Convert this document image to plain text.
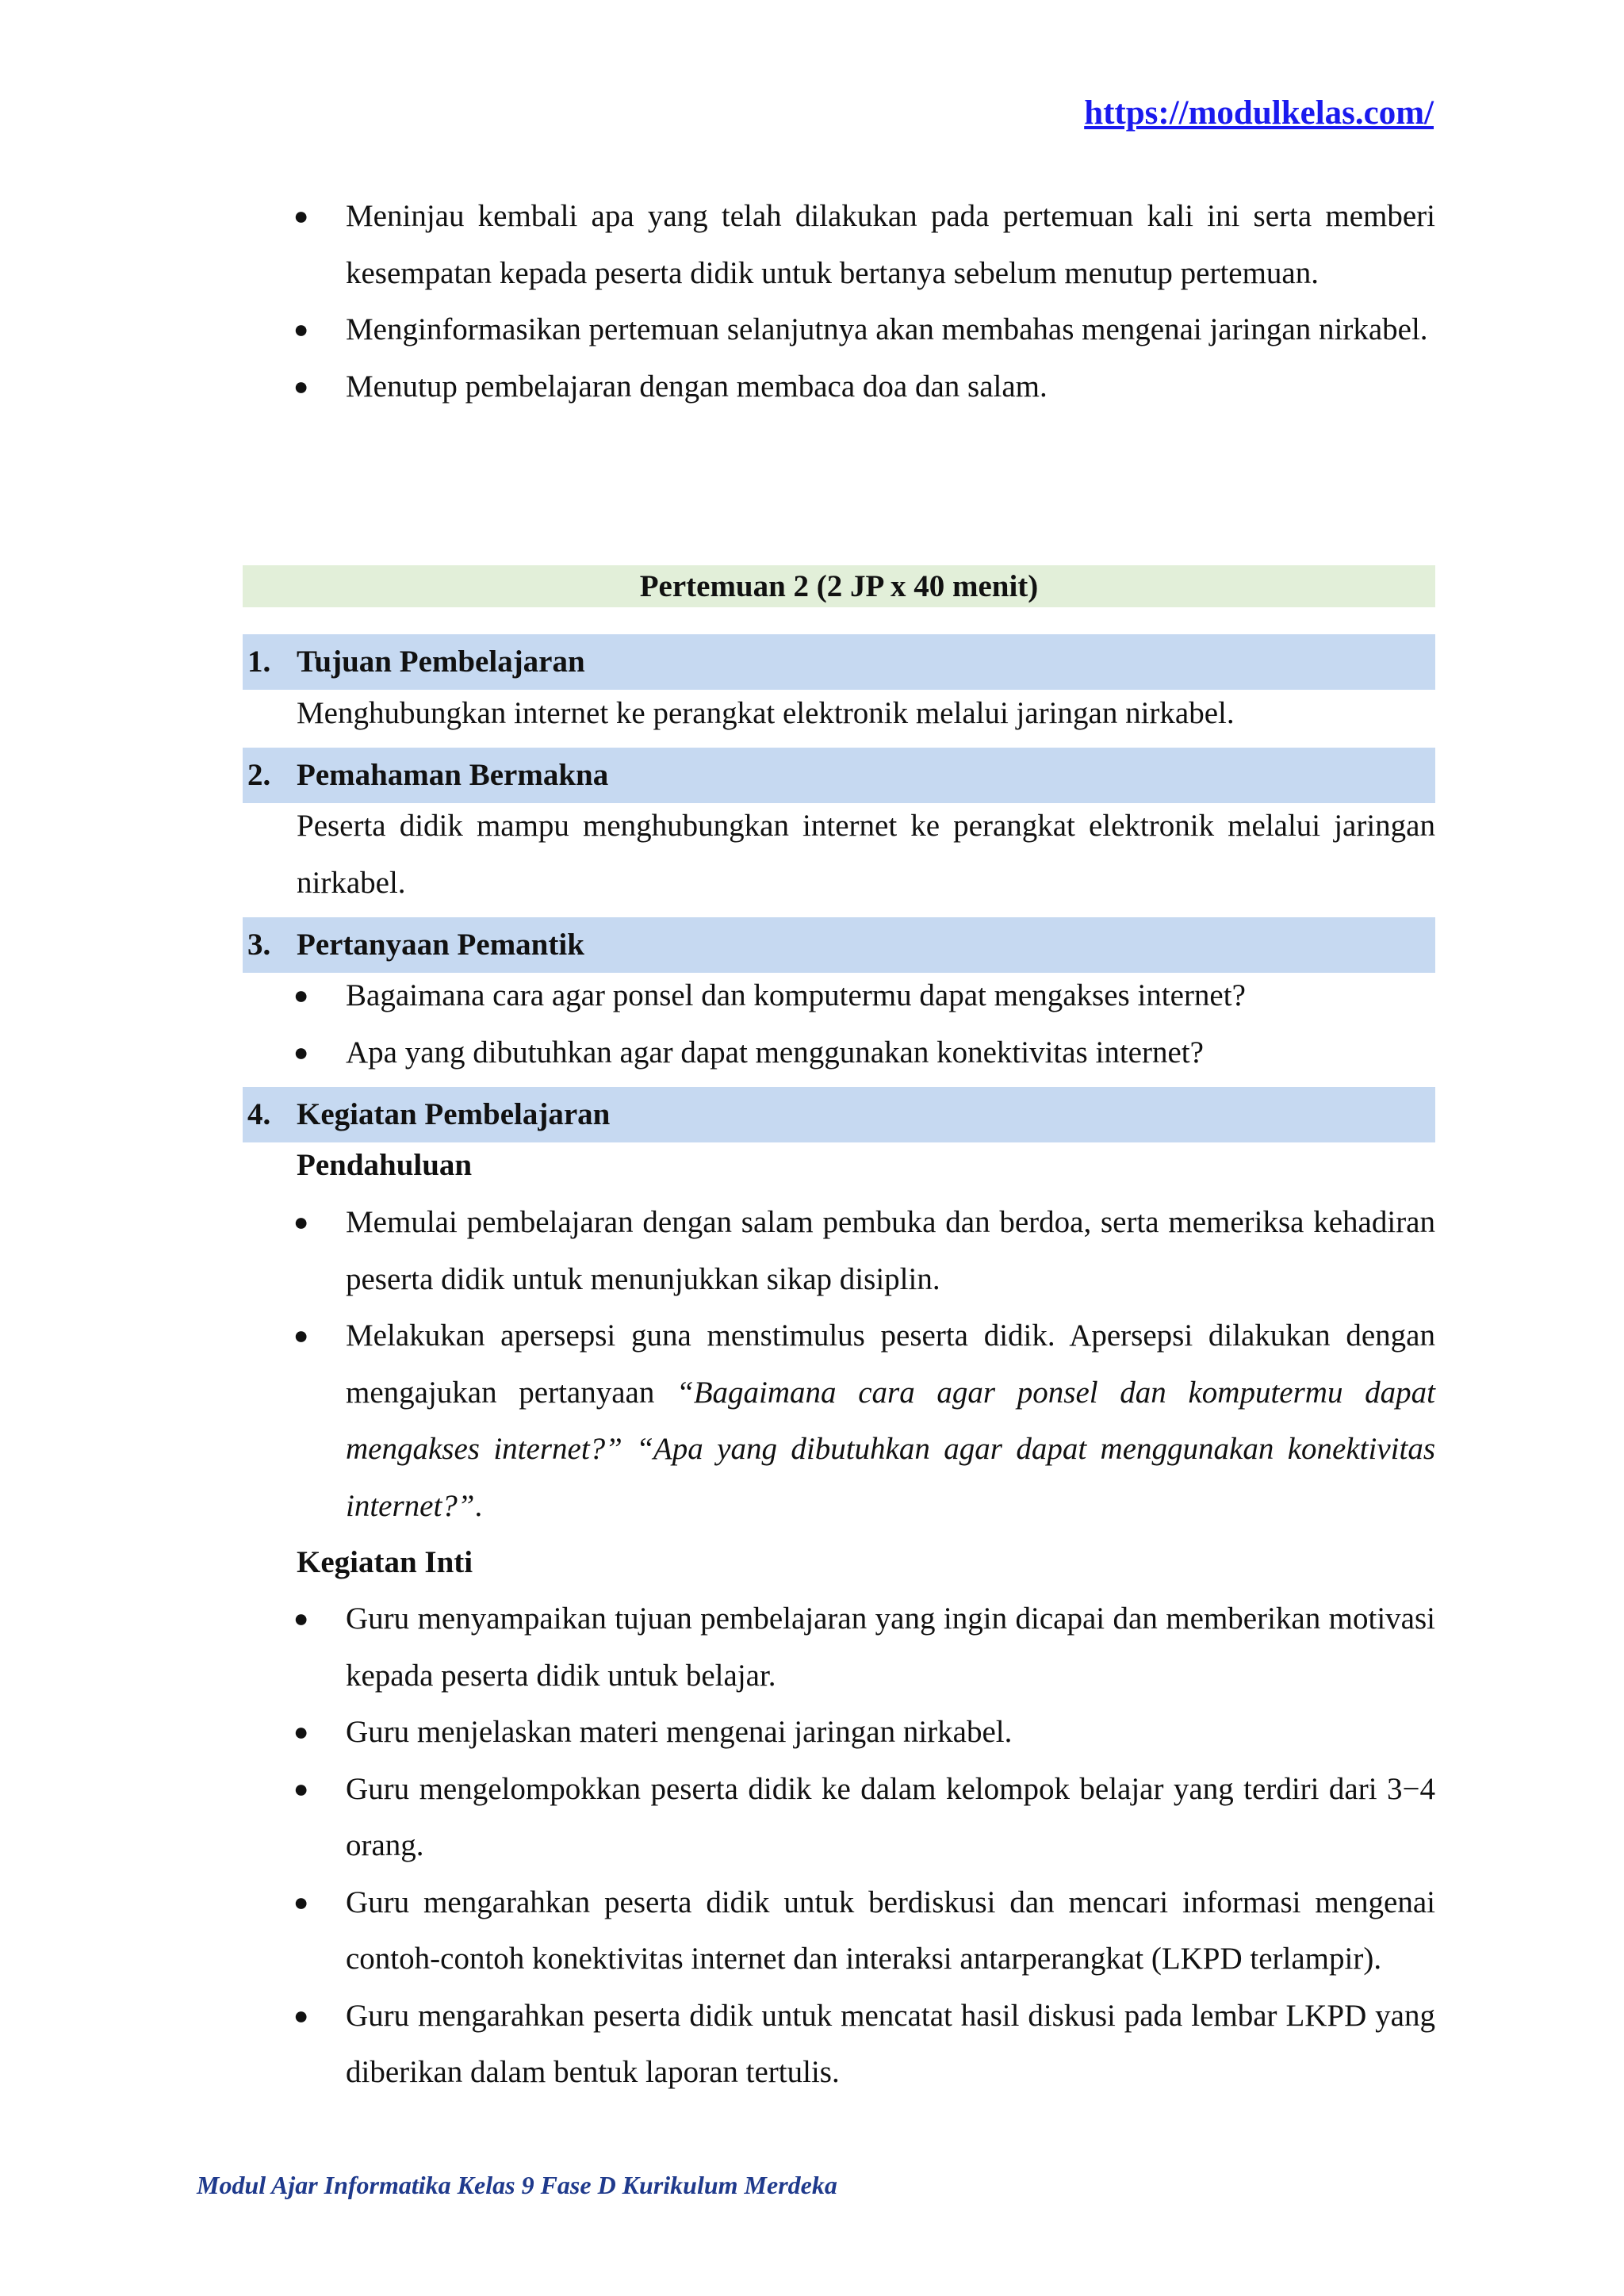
https://modulkelas.com/
● Meninjau kembali apa yang telah dilakukan pada pertemuan kali ini serta memberi kesempatan kepada peserta didik untuk bertanya sebelum menutup pertemuan.
● Menginformasikan pertemuan selanjutnya akan membahas mengenai jaringan nirkabel.
● Menutup pembelajaran dengan membaca doa dan salam.
Pertemuan 2 (2 JP x 40 menit)
1. Tujuan Pembelajaran

Menghubungkan internet ke perangkat elektronik melalui jaringan nirkabel.

2. Pemahaman Bermakna

Peserta didik mampu menghubungkan internet ke perangkat elektronik melalui jaringan nirkabel.

3. Pertanyaan Pemantik
● Bagaimana cara agar ponsel dan komputermu dapat mengakses internet?
● Apa yang dibutuhkan agar dapat menggunakan konektivitas internet?
4. Kegiatan Pembelajaran
Pendahuluan
● Memulai pembelajaran dengan salam pembuka dan berdoa, serta memeriksa kehadiran peserta didik untuk menunjukkan sikap disiplin.
● Melakukan apersepsi guna menstimulus peserta didik. Apersepsi dilakukan dengan mengajukan pertanyaan “Bagaimana cara agar ponsel dan komputermu dapat mengakses internet?” “Apa yang dibutuhkan agar dapat menggunakan konektivitas internet?”.
Kegiatan Inti
● Guru menyampaikan tujuan pembelajaran yang ingin dicapai dan memberikan motivasi kepada peserta didik untuk belajar.
● Guru menjelaskan materi mengenai jaringan nirkabel.
● Guru mengelompokkan peserta didik ke dalam kelompok belajar yang terdiri dari 3−4 orang.
● Guru mengarahkan peserta didik untuk berdiskusi dan mencari informasi mengenai contoh-contoh konektivitas internet dan interaksi antarperangkat (LKPD terlampir).
● Guru mengarahkan peserta didik untuk mencatat hasil diskusi pada lembar LKPD yang diberikan dalam bentuk laporan tertulis.
Modul Ajar Informatika Kelas 9 Fase D Kurikulum Merdeka
